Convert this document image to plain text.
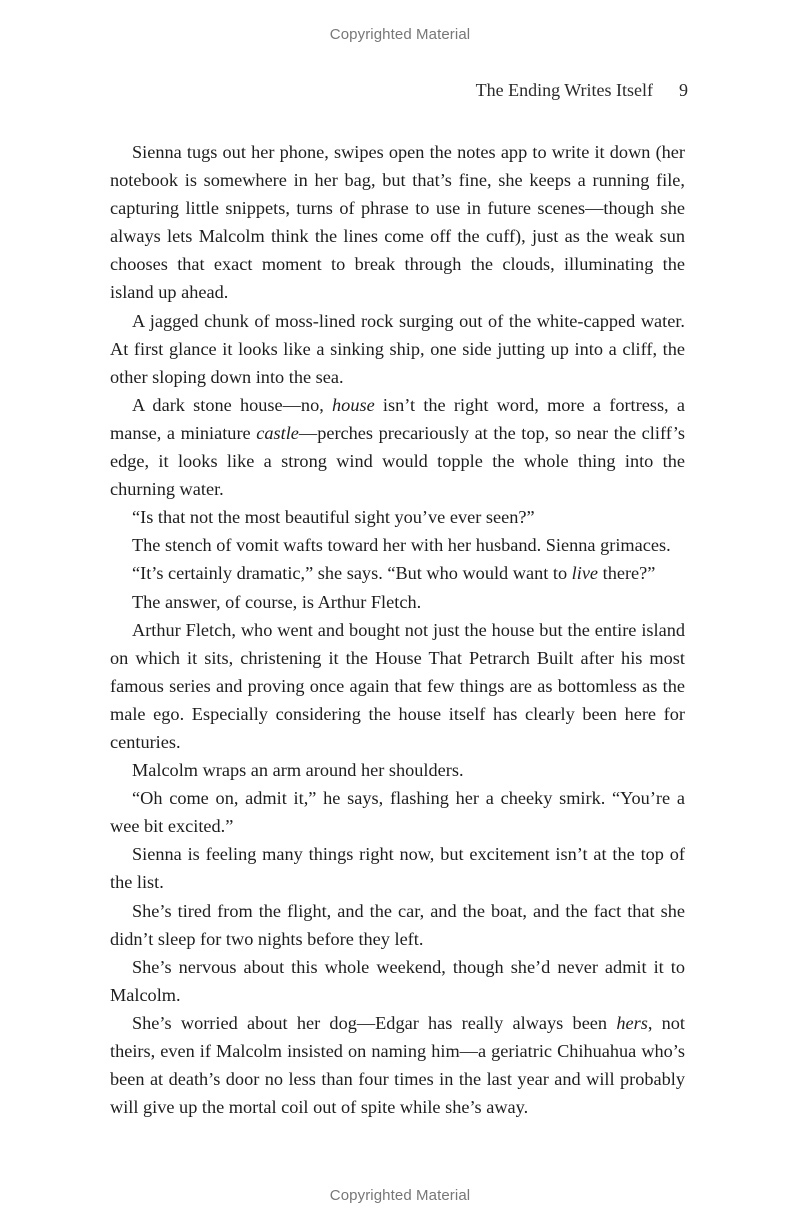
Copyrighted Material
The Ending Writes Itself 9

Sienna tugs out her phone, swipes open the notes app to write it down (her notebook is somewhere in her bag, but that’s fine, she keeps a running file, capturing little snippets, turns of phrase to use in future scenes—though she always lets Malcolm think the lines come off the cuff), just as the weak sun chooses that exact moment to break through the clouds, illuminating the island up ahead.

A jagged chunk of moss-lined rock surging out of the white-capped water. At first glance it looks like a sinking ship, one side jutting up into a cliff, the other sloping down into the sea.

A dark stone house—no, house isn’t the right word, more a fortress, a manse, a miniature castle—perches precariously at the top, so near the cliff’s edge, it looks like a strong wind would topple the whole thing into the churning water.

“Is that not the most beautiful sight you’ve ever seen?”

The stench of vomit wafts toward her with her husband. Sienna grimaces.

“It’s certainly dramatic,” she says. “But who would want to live there?”

The answer, of course, is Arthur Fletch.

Arthur Fletch, who went and bought not just the house but the entire island on which it sits, christening it the House That Petrarch Built after his most famous series and proving once again that few things are as bottomless as the male ego. Especially considering the house itself has clearly been here for centuries.

Malcolm wraps an arm around her shoulders.

“Oh come on, admit it,” he says, flashing her a cheeky smirk. “You’re a wee bit excited.”

Sienna is feeling many things right now, but excitement isn’t at the top of the list.

She’s tired from the flight, and the car, and the boat, and the fact that she didn’t sleep for two nights before they left.

She’s nervous about this whole weekend, though she’d never admit it to Malcolm.

She’s worried about her dog—Edgar has really always been hers, not theirs, even if Malcolm insisted on naming him—a geriatric Chihuahua who’s been at death’s door no less than four times in the last year and will probably will give up the mortal coil out of spite while she’s away.

Copyrighted Material
